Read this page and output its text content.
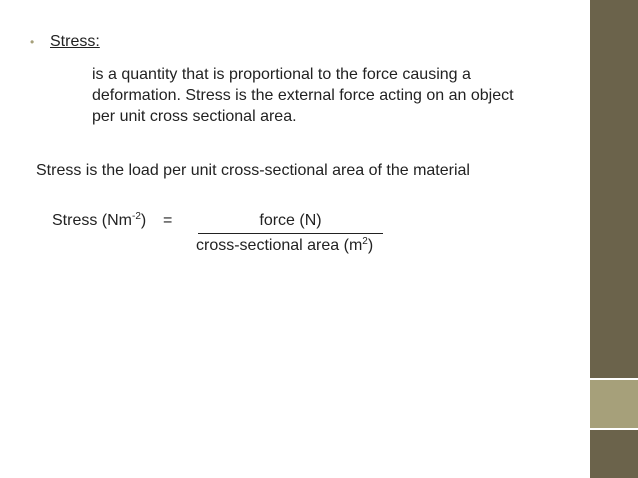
• Stress:
is a quantity that is proportional to the force causing a deformation. Stress is the external force acting on an object per unit cross sectional area.
Stress is the load per unit cross-sectional area of the material
Stress $(Nm^{-2})$ =	force (N)
cross-sectional area $(m^2)$
